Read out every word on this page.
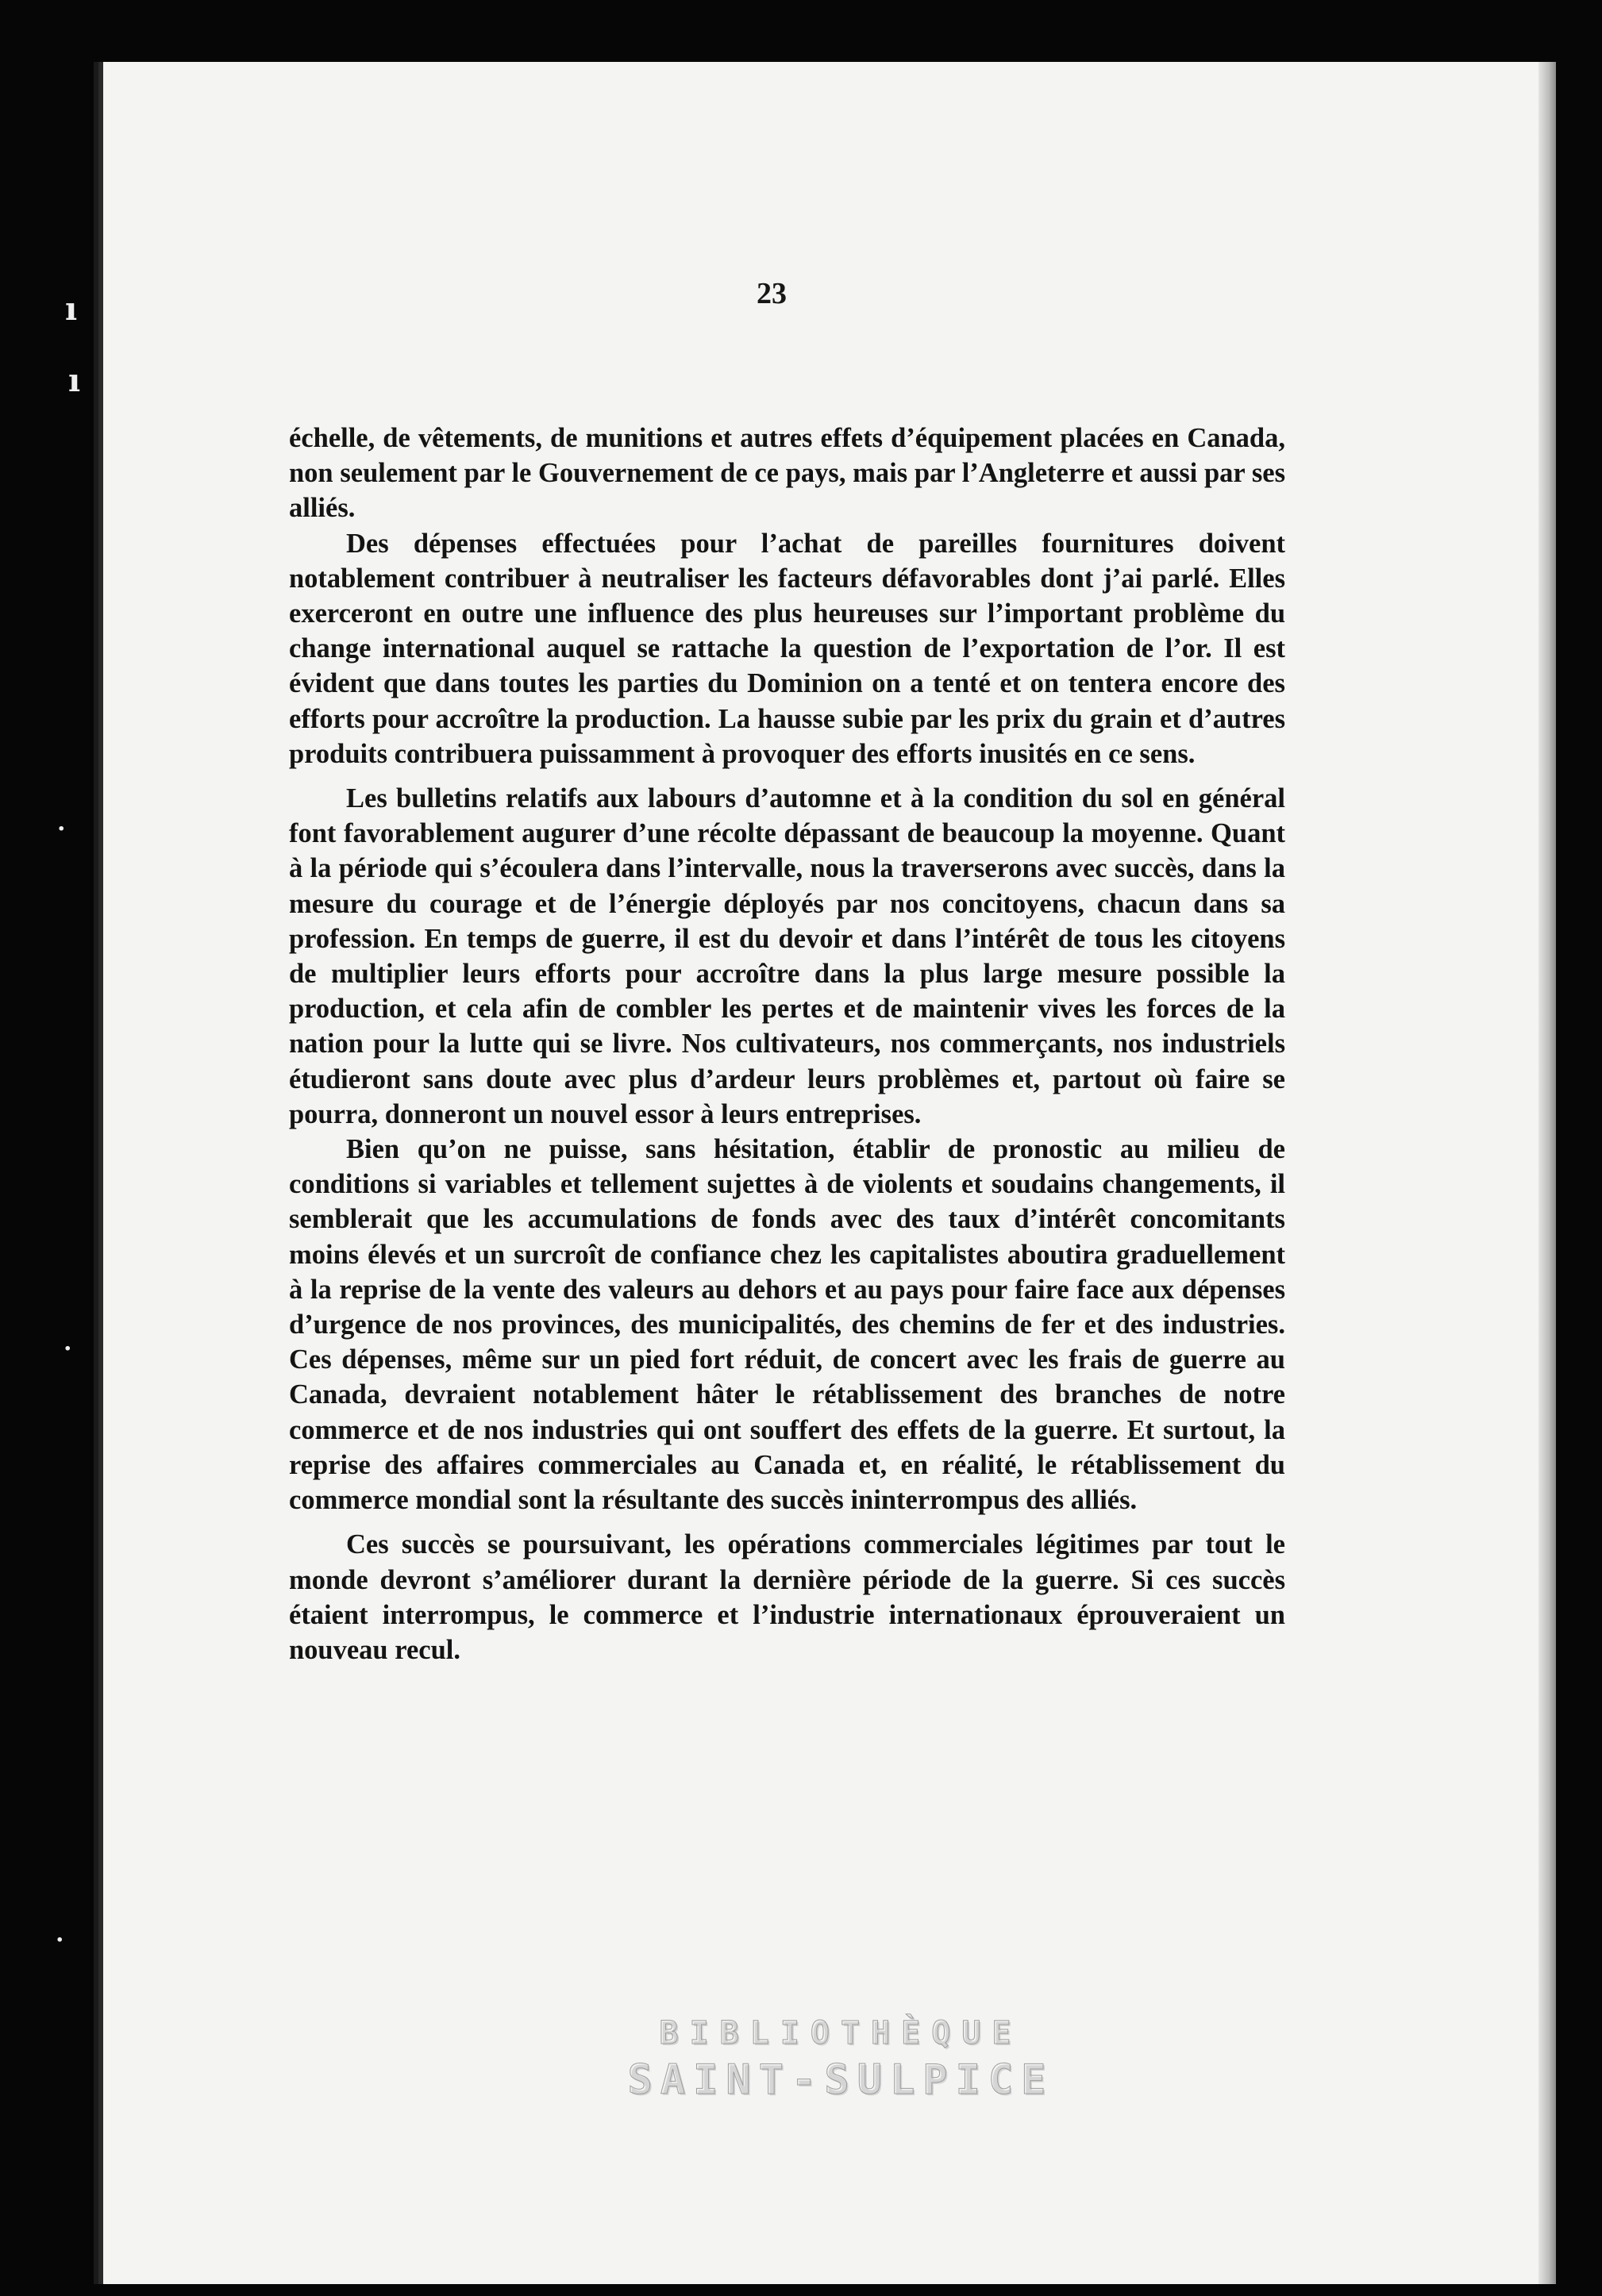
ı
ı
·
·
·
23

échelle, de vêtements, de munitions et autres effets d’équipement placées en Canada, non seulement par le Gouvernement de ce pays, mais par l’Angleterre et aussi par ses alliés.

Des dépenses effectuées pour l’achat de pareilles fournitures doivent notablement contribuer à neutraliser les facteurs défavorables dont j’ai parlé. Elles exerceront en outre une influence des plus heureuses sur l’important problème du change international auquel se rattache la question de l’exportation de l’or. Il est évident que dans toutes les parties du Dominion on a tenté et on tentera encore des efforts pour accroître la production. La hausse subie par les prix du grain et d’autres produits contribuera puissamment à provoquer des efforts inusités en ce sens.

Les bulletins relatifs aux labours d’automne et à la condition du sol en général font favorablement augurer d’une récolte dépassant de beaucoup la moyenne. Quant à la période qui s’écoulera dans l’intervalle, nous la traverserons avec succès, dans la mesure du courage et de l’énergie déployés par nos concitoyens, chacun dans sa profession. En temps de guerre, il est du devoir et dans l’intérêt de tous les citoyens de multiplier leurs efforts pour accroître dans la plus large mesure possible la production, et cela afin de combler les pertes et de maintenir vives les forces de la nation pour la lutte qui se livre. Nos cultivateurs, nos commerçants, nos industriels étudieront sans doute avec plus d’ardeur leurs problèmes et, partout où faire se pourra, donneront un nouvel essor à leurs entreprises.

Bien qu’on ne puisse, sans hésitation, établir de pronostic au milieu de conditions si variables et tellement sujettes à de violents et soudains changements, il semblerait que les accumulations de fonds avec des taux d’intérêt concomitants moins élevés et un surcroît de confiance chez les capitalistes aboutira graduellement à la reprise de la vente des valeurs au dehors et au pays pour faire face aux dépenses d’urgence de nos provinces, des municipalités, des chemins de fer et des industries. Ces dépenses, même sur un pied fort réduit, de concert avec les frais de guerre au Canada, devraient notablement hâter le rétablissement des branches de notre commerce et de nos industries qui ont souffert des effets de la guerre. Et surtout, la reprise des affaires commerciales au Canada et, en réalité, le rétablissement du commerce mondial sont la résultante des succès ininterrompus des alliés.

Ces succès se poursuivant, les opérations commerciales légitimes par tout le monde devront s’améliorer durant la dernière période de la guerre. Si ces succès étaient interrompus, le commerce et l’industrie internationaux éprouveraient un nouveau recul.

BIBLIOTHÈQUE
SAINT-SULPICE
